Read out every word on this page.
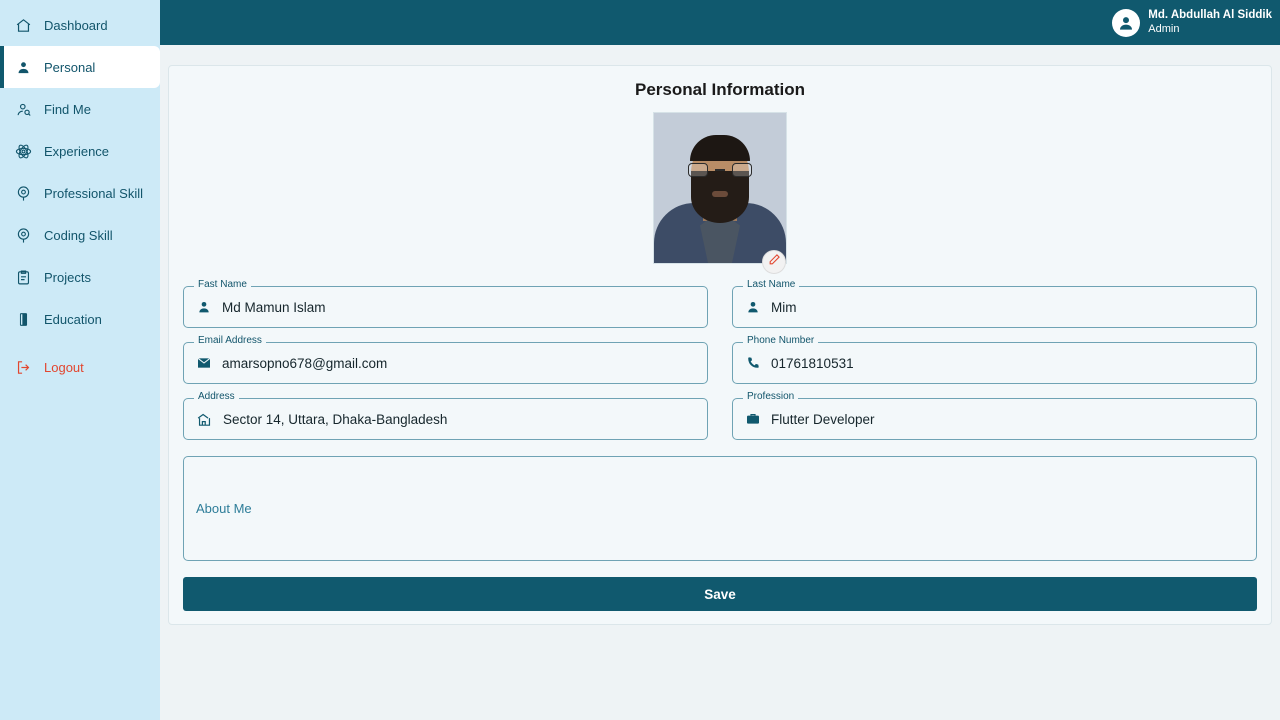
Dashboard
Personal
Find Me
Experience
Professional Skill
Coding Skill
Projects
Education
Logout
Md. Abdullah Al Siddik
Admin
Personal Information
Fast Name
Md Mamun Islam
Last Name
Mim
Email Address
amarsopno678@gmail.com
Phone Number
01761810531
Address
Sector 14, Uttara, Dhaka-Bangladesh
Profession
Flutter Developer
About Me
Save
